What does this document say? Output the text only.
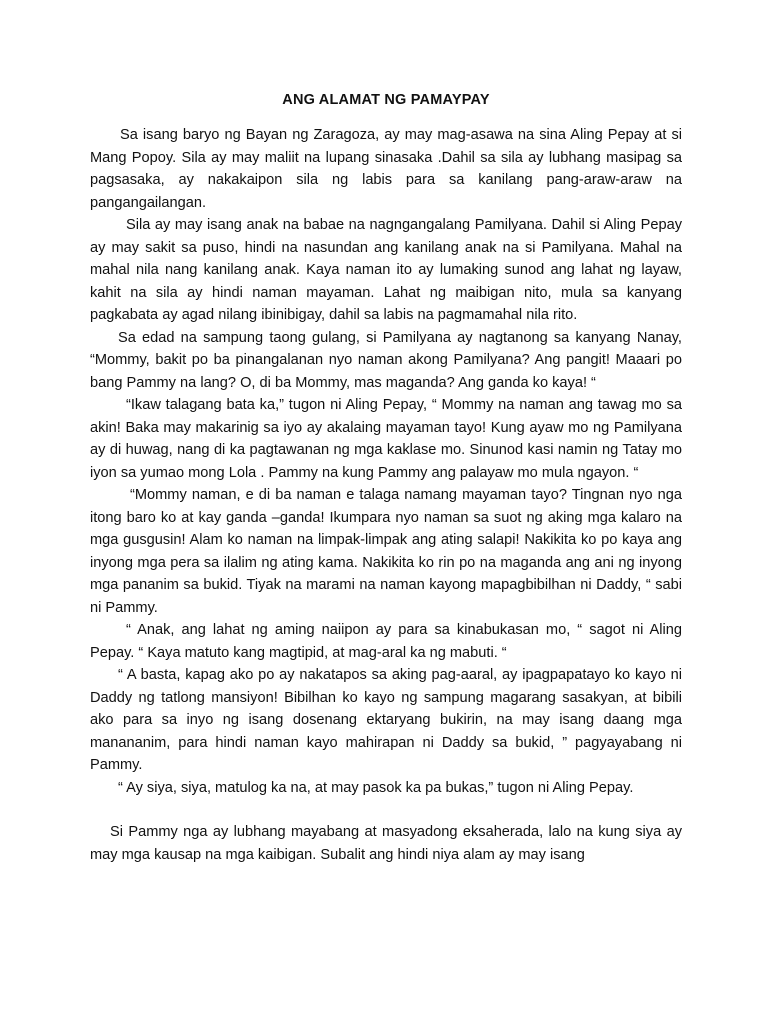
ANG ALAMAT NG PAMAYPAY

Sa isang baryo ng Bayan ng Zaragoza, ay may mag-asawa na sina Aling Pepay at si Mang Popoy. Sila ay may maliit na lupang sinasaka .Dahil sa sila ay lubhang masipag sa pagsasaka, ay nakakaipon sila ng labis para sa kanilang pang-araw-araw na pangangailangan.

Sila ay may isang anak na babae na nagngangalang Pamilyana. Dahil si Aling Pepay ay may sakit sa puso, hindi na nasundan ang kanilang anak na si Pamilyana. Mahal na mahal nila nang kanilang anak. Kaya naman ito ay lumaking sunod ang lahat ng layaw, kahit na sila ay hindi naman mayaman. Lahat ng maibigan nito, mula sa kanyang pagkabata ay agad nilang ibinibigay, dahil sa labis na pagmamahal nila rito.

Sa edad na sampung taong gulang, si Pamilyana ay nagtanong sa kanyang Nanay, “Mommy, bakit po ba pinangalanan nyo naman akong Pamilyana? Ang pangit! Maaari po bang Pammy na lang? O, di ba Mommy, mas maganda? Ang ganda ko kaya! “

“Ikaw talagang bata ka,” tugon ni Aling Pepay, “ Mommy na naman ang tawag mo sa akin! Baka may makarinig sa iyo ay akalaing mayaman tayo! Kung ayaw mo ng Pamilyana ay di huwag, nang di ka pagtawanan ng mga kaklase mo. Sinunod kasi namin ng Tatay mo iyon sa yumao mong Lola . Pammy na kung Pammy ang palayaw mo mula ngayon. “

“Mommy naman, e di ba naman e talaga namang mayaman tayo? Tingnan nyo nga itong baro ko at kay ganda –ganda! Ikumpara nyo naman sa suot ng aking mga kalaro na mga gusgusin! Alam ko naman na limpak-limpak ang ating salapi! Nakikita ko po kaya ang inyong mga pera sa ilalim ng ating kama. Nakikita ko rin po na maganda ang ani ng inyong mga pananim sa bukid. Tiyak na marami na naman kayong mapagbibilhan ni Daddy, “ sabi ni Pammy.

“ Anak, ang lahat ng aming naiipon ay para sa kinabukasan mo, “ sagot ni Aling Pepay. “ Kaya matuto kang magtipid, at mag-aral ka ng mabuti. “

“ A basta, kapag ako po ay nakatapos sa aking pag-aaral, ay ipagpapatayo ko kayo ni Daddy ng tatlong mansiyon! Bibilhan ko kayo ng sampung magarang sasakyan, at bibili ako para sa inyo ng isang dosenang ektaryang bukirin, na may isang daang mga manananim, para hindi naman kayo mahirapan ni Daddy sa bukid, ” pagyayabang ni Pammy.

“ Ay siya, siya, matulog ka na, at may pasok ka pa bukas,” tugon ni Aling Pepay.

Si Pammy nga ay lubhang mayabang at masyadong eksaherada, lalo na kung siya ay may mga kausap na mga kaibigan. Subalit ang hindi niya alam ay may isang
